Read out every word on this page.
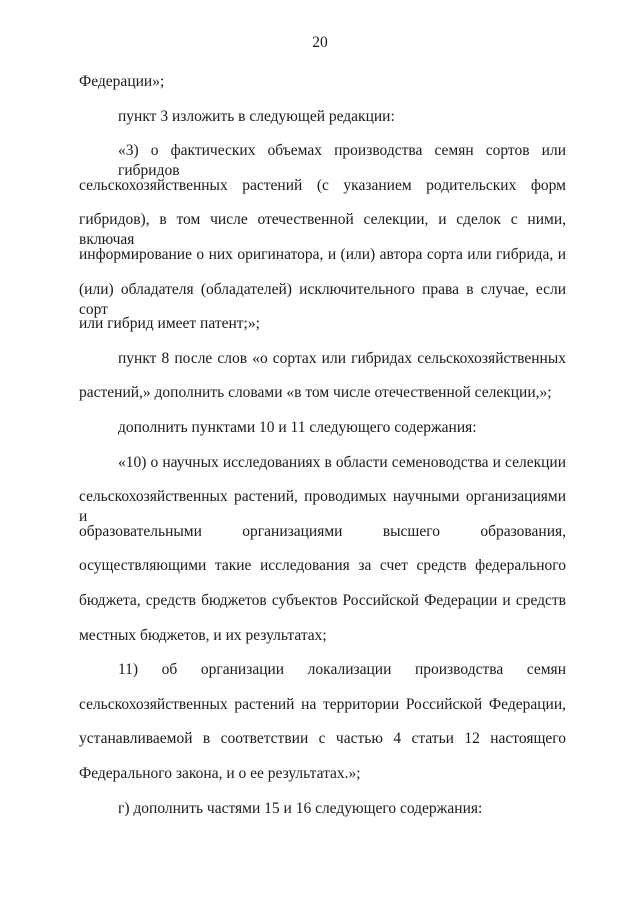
20
Федерации»;
пункт 3 изложить в следующей редакции:
«3) о фактических объемах производства семян сортов или гибридов
сельскохозяйственных растений (с указанием родительских форм
гибридов), в том числе отечественной селекции, и сделок с ними, включая
информирование о них оригинатора, и (или) автора сорта или гибрида, и
(или) обладателя (обладателей) исключительного права в случае, если сорт
или гибрид имеет патент;»;
пункт 8 после слов «о сортах или гибридах сельскохозяйственных
растений,» дополнить словами «в том числе отечественной селекции,»;
дополнить пунктами 10 и 11 следующего содержания:
«10) о научных исследованиях в области семеноводства и селекции
сельскохозяйственных растений, проводимых научными организациями и
образовательными организациями высшего образования,
осуществляющими такие исследования за счет средств федерального
бюджета, средств бюджетов субъектов Российской Федерации и средств
местных бюджетов, и их результатах;
11) об организации локализации производства семян
сельскохозяйственных растений на территории Российской Федерации,
устанавливаемой в соответствии с частью 4 статьи 12 настоящего
Федерального закона, и о ее результатах.»;
г) дополнить частями 15 и 16 следующего содержания:
